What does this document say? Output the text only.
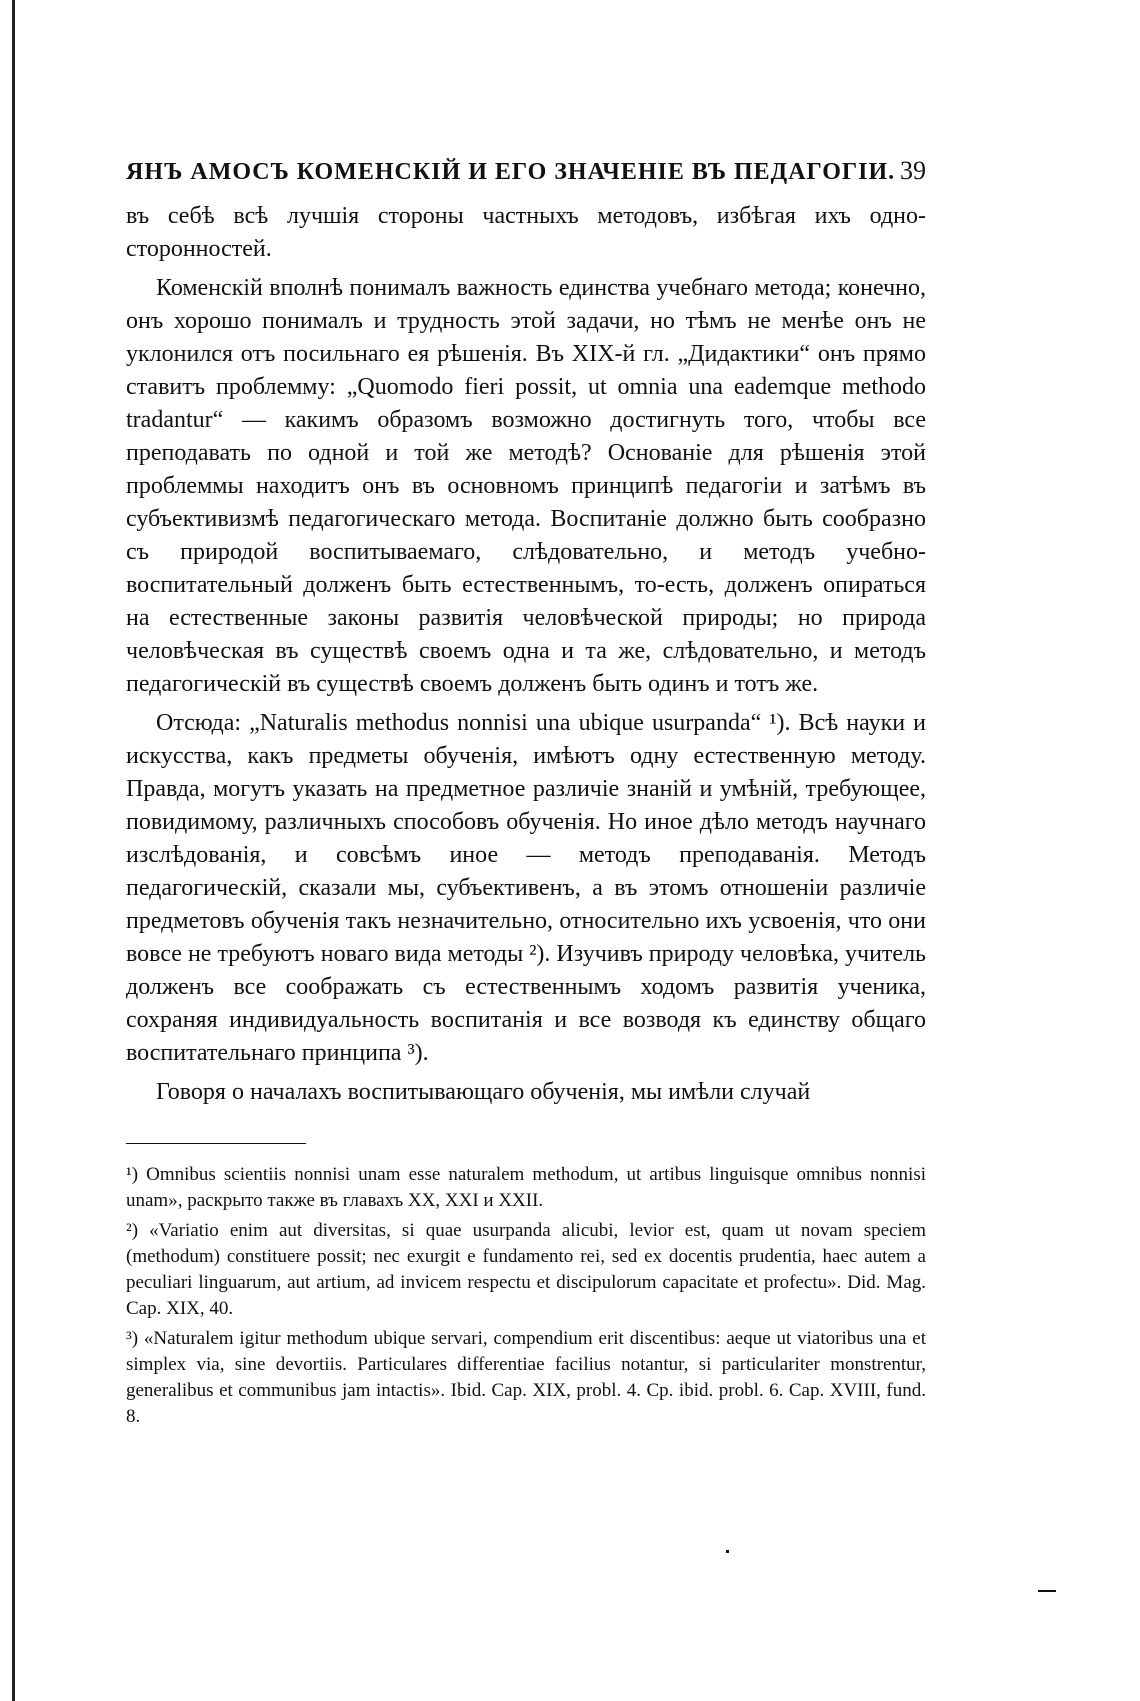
ЯНЪ АМОСЪ КОМЕНСКІЙ И ЕГО ЗНАЧЕНІЕ ВЪ ПЕДАГОГІИ. 39

въ себѣ всѣ лучшія стороны частныхъ методовъ, избѣгая ихъ одно-сторонностей.

Коменскій вполнѣ понималъ важность единства учебнаго метода; конечно, онъ хорошо понималъ и трудность этой задачи, но тѣмъ не менѣе онъ не уклонился отъ посильнаго ея рѣшенія. Въ XIX-й гл. „Дидактики“ онъ прямо ставитъ проблемму: „Quomodo fieri possit, ut omnia una eademque methodo tradantur“ — какимъ образомъ возможно достигнуть того, чтобы все преподавать по одной и той же методѣ? Основаніе для рѣшенія этой проблеммы находитъ онъ въ основномъ принципѣ педагогіи и затѣмъ въ субъективизмѣ педагогическаго метода. Воспитаніе должно быть сообразно съ природой воспитываемаго, слѣдовательно, и методъ учебно-воспитательный долженъ быть естественнымъ, то-есть, долженъ опираться на естественные законы развитія человѣческой природы; но природа человѣческая въ существѣ своемъ одна и та же, слѣдовательно, и методъ педагогическій въ существѣ своемъ долженъ быть одинъ и тотъ же.

Отсюда: „Naturalis methodus nonnisi una ubique usurpanda“ ¹). Всѣ науки и искусства, какъ предметы обученія, имѣютъ одну естественную методу. Правда, могутъ указать на предметное различіе знаній и умѣній, требующее, повидимому, различныхъ способовъ обученія. Но иное дѣло методъ научнаго изслѣдованія, и совсѣмъ иное — методъ преподаванія. Методъ педагогическій, сказали мы, субъективенъ, а въ этомъ отношеніи различіе предметовъ обученія такъ незначительно, относительно ихъ усвоенія, что они вовсе не требуютъ новаго вида методы ²). Изучивъ природу человѣка, учитель долженъ все соображать съ естественнымъ ходомъ развитія ученика, сохраняя индивидуальность воспитанія и все возводя къ единству общаго воспитательнаго принципа ³).

Говоря о началахъ воспитывающаго обученія, мы имѣли случай

¹) Omnibus scientiis nonnisi unam esse naturalem methodum, ut artibus linguisque omnibus nonnisi unam», раскрыто также въ главахъ XX, XXI и XXII.

²) «Variatio enim aut diversitas, si quae usurpanda alicubi, levior est, quam ut novam speciem (methodum) constituere possit; nec exurgit e fundamento rei, sed ex docentis prudentia, haec autem a peculiari linguarum, aut artium, ad invicem respectu et discipulorum capacitate et profectu». Did. Mag. Cap. XIX, 40.

³) «Naturalem igitur methodum ubique servari, compendium erit discentibus: aeque ut viatoribus una et simplex via, sine devortiis. Particulares differentiae facilius notantur, si particulariter monstrentur, generalibus et communibus jam intactis». Ibid. Cap. XIX, probl. 4. Cp. ibid. probl. 6. Cap. XVIII, fund. 8.
